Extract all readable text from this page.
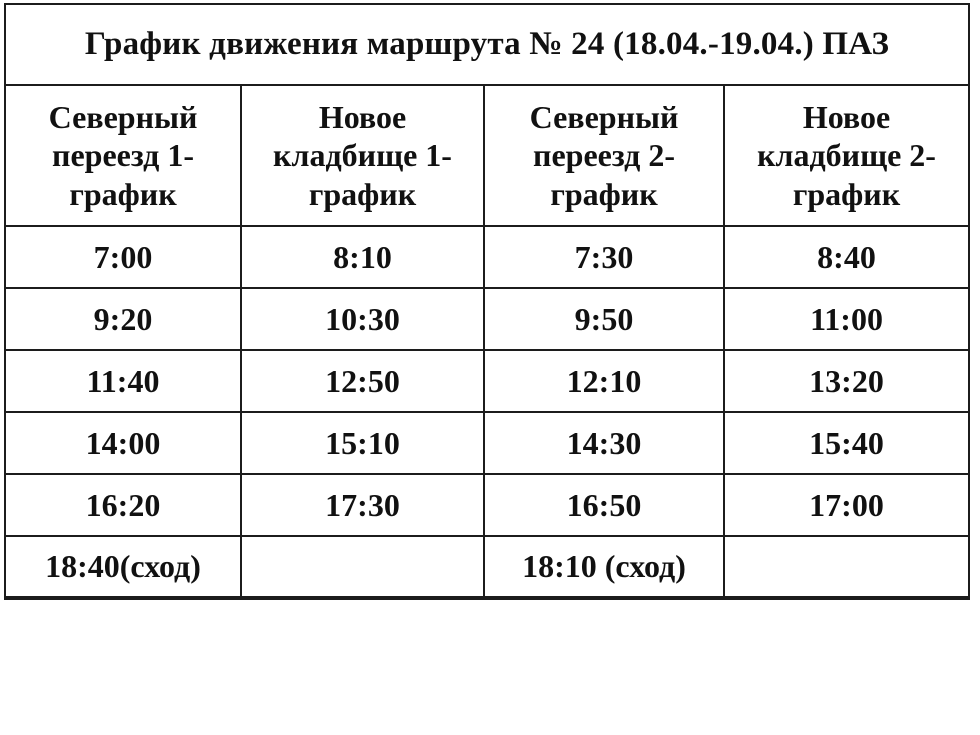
График движения маршрута № 24 (18.04.-19.04.) ПАЗ			
Северный переезд 1-график	Новое кладбище 1-график	Северный переезд 2-график	Новое кладбище 2-график
7:00	8:10	7:30	8:40
9:20	10:30	9:50	11:00
11:40	12:50	12:10	13:20
14:00	15:10	14:30	15:40
16:20	17:30	16:50	17:00
18:40(сход)		18:10 (сход)	
